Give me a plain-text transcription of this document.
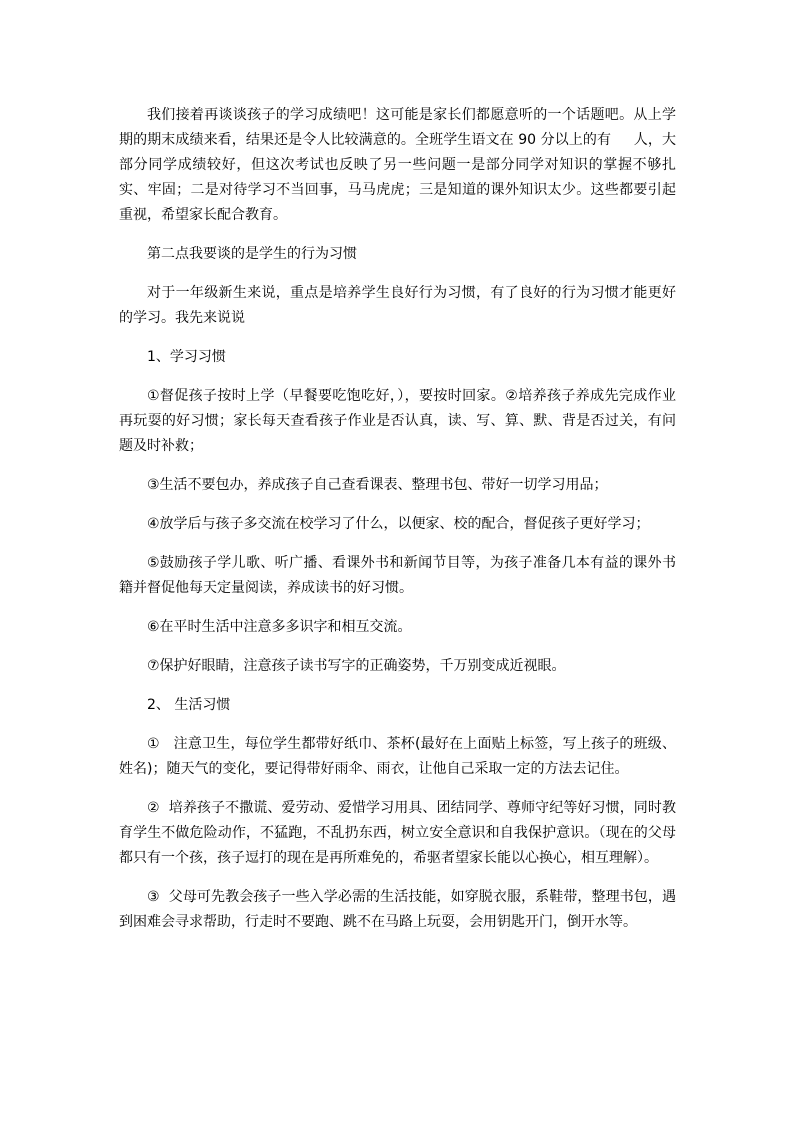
我们接着再谈谈孩子的学习成绩吧！这可能是家长们都愿意听的一个话题吧。从上学期的期末成绩来看，结果还是令人比较满意的。全班学生语文在 90 分以上的有     人，大部分同学成绩较好，但这次考试也反映了另一些问题一是部分同学对知识的掌握不够扎实、牢固；二是对待学习不当回事，马马虎虎；三是知道的课外知识太少。这些都要引起重视，希望家长配合教育。

第二点我要谈的是学生的行为习惯

对于一年级新生来说，重点是培养学生良好行为习惯，有了良好的行为习惯才能更好的学习。我先来说说

1、学习习惯

①督促孩子按时上学（早餐要吃饱吃好，），要按时回家。②培养孩子养成先完成作业再玩耍的好习惯；家长每天查看孩子作业是否认真，读、写、算、默、背是否过关，有问题及时补救；

③生活不要包办，养成孩子自己查看课表、整理书包、带好一切学习用品；

④放学后与孩子多交流在校学习了什么，以便家、校的配合，督促孩子更好学习；

⑤鼓励孩子学儿歌、听广播、看课外书和新闻节目等，为孩子准备几本有益的课外书籍并督促他每天定量阅读，养成读书的好习惯。

⑥在平时生活中注意多多识字和相互交流。

⑦保护好眼睛，注意孩子读书写字的正确姿势，千万别变成近视眼。

2、 生活习惯

①   注意卫生，每位学生都带好纸巾、茶杯(最好在上面贴上标签，写上孩子的班级、姓名)；随天气的变化，要记得带好雨伞、雨衣，让他自己采取一定的方法去记住。

②  培养孩子不撒谎、爱劳动、爱惜学习用具、团结同学、尊师守纪等好习惯，同时教育学生不做危险动作，不猛跑，不乱扔东西，树立安全意识和自我保护意识。（现在的父母都只有一个孩，孩子逗打的现在是再所难免的，希驱者望家长能以心换心，相互理解）。

③  父母可先教会孩子一些入学必需的生活技能，如穿脱衣服，系鞋带，整理书包，遇到困难会寻求帮助，行走时不要跑、跳不在马路上玩耍，会用钥匙开门，倒开水等。
